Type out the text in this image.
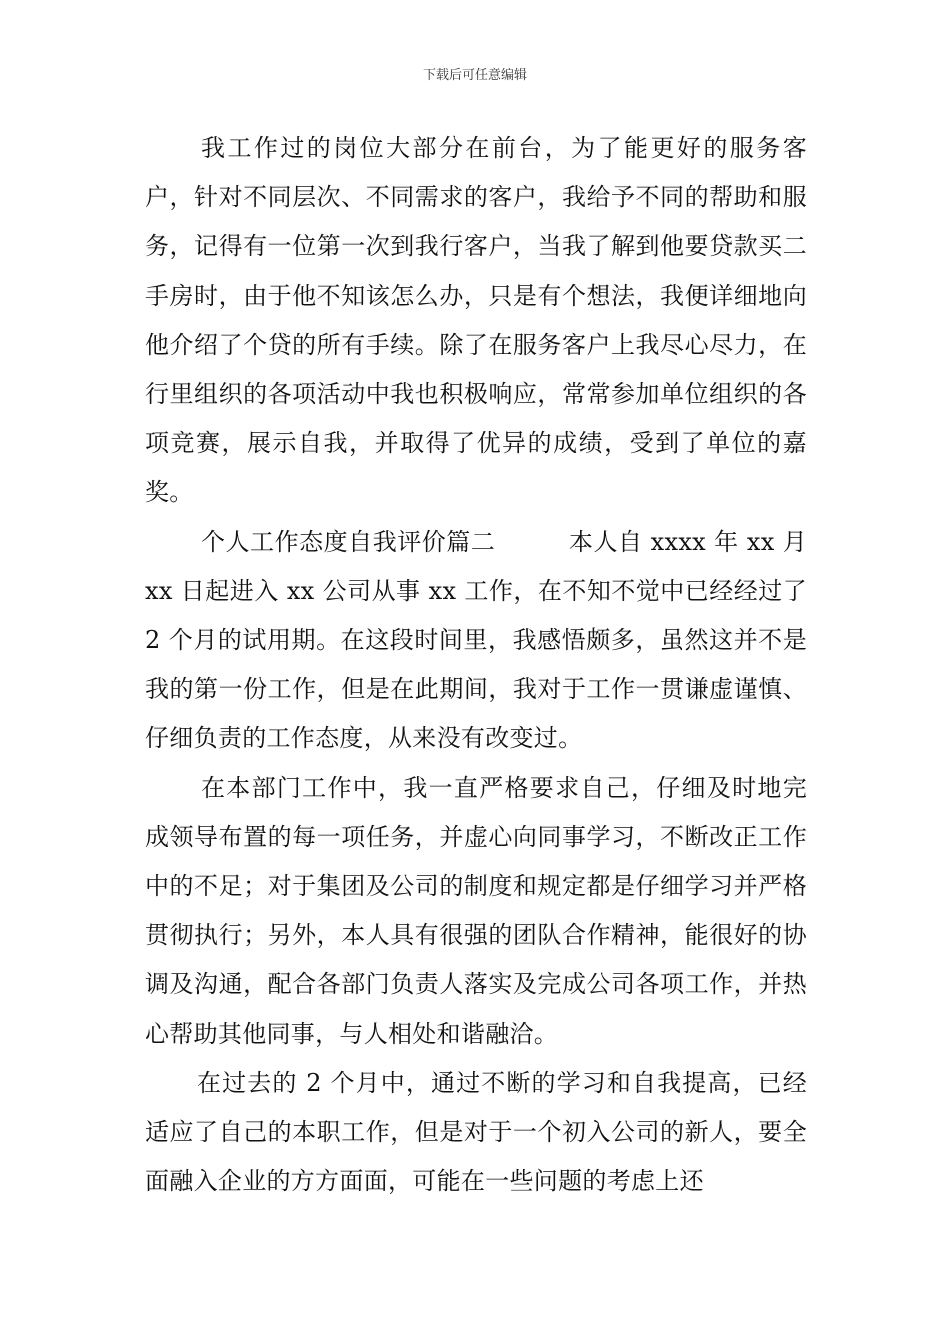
下载后可任意编辑

我工作过的岗位大部分在前台，为了能更好的服务客户，针对不同层次、不同需求的客户，我给予不同的帮助和服务，记得有一位第一次到我行客户，当我了解到他要贷款买二手房时，由于他不知该怎么办，只是有个想法，我便详细地向他介绍了个贷的所有手续。除了在服务客户上我尽心尽力，在行里组织的各项活动中我也积极响应，常常参加单位组织的各项竞赛，展示自我，并取得了优异的成绩，受到了单位的嘉奖。

个人工作态度自我评价篇二　　　本人自 xxxx 年 xx 月 xx 日起进入 xx 公司从事 xx 工作，在不知不觉中已经经过了 2 个月的试用期。在这段时间里，我感悟颇多，虽然这并不是我的第一份工作，但是在此期间，我对于工作一贯谦虚谨慎、仔细负责的工作态度，从来没有改变过。

在本部门工作中，我一直严格要求自己，仔细及时地完成领导布置的每一项任务，并虚心向同事学习，不断改正工作中的不足；对于集团及公司的制度和规定都是仔细学习并严格贯彻执行；另外，本人具有很强的团队合作精神，能很好的协调及沟通，配合各部门负责人落实及完成公司各项工作，并热心帮助其他同事，与人相处和谐融洽。

在过去的 2 个月中，通过不断的学习和自我提高，已经适应了自己的本职工作，但是对于一个初入公司的新人，要全面融入企业的方方面面，可能在一些问题的考虑上还
